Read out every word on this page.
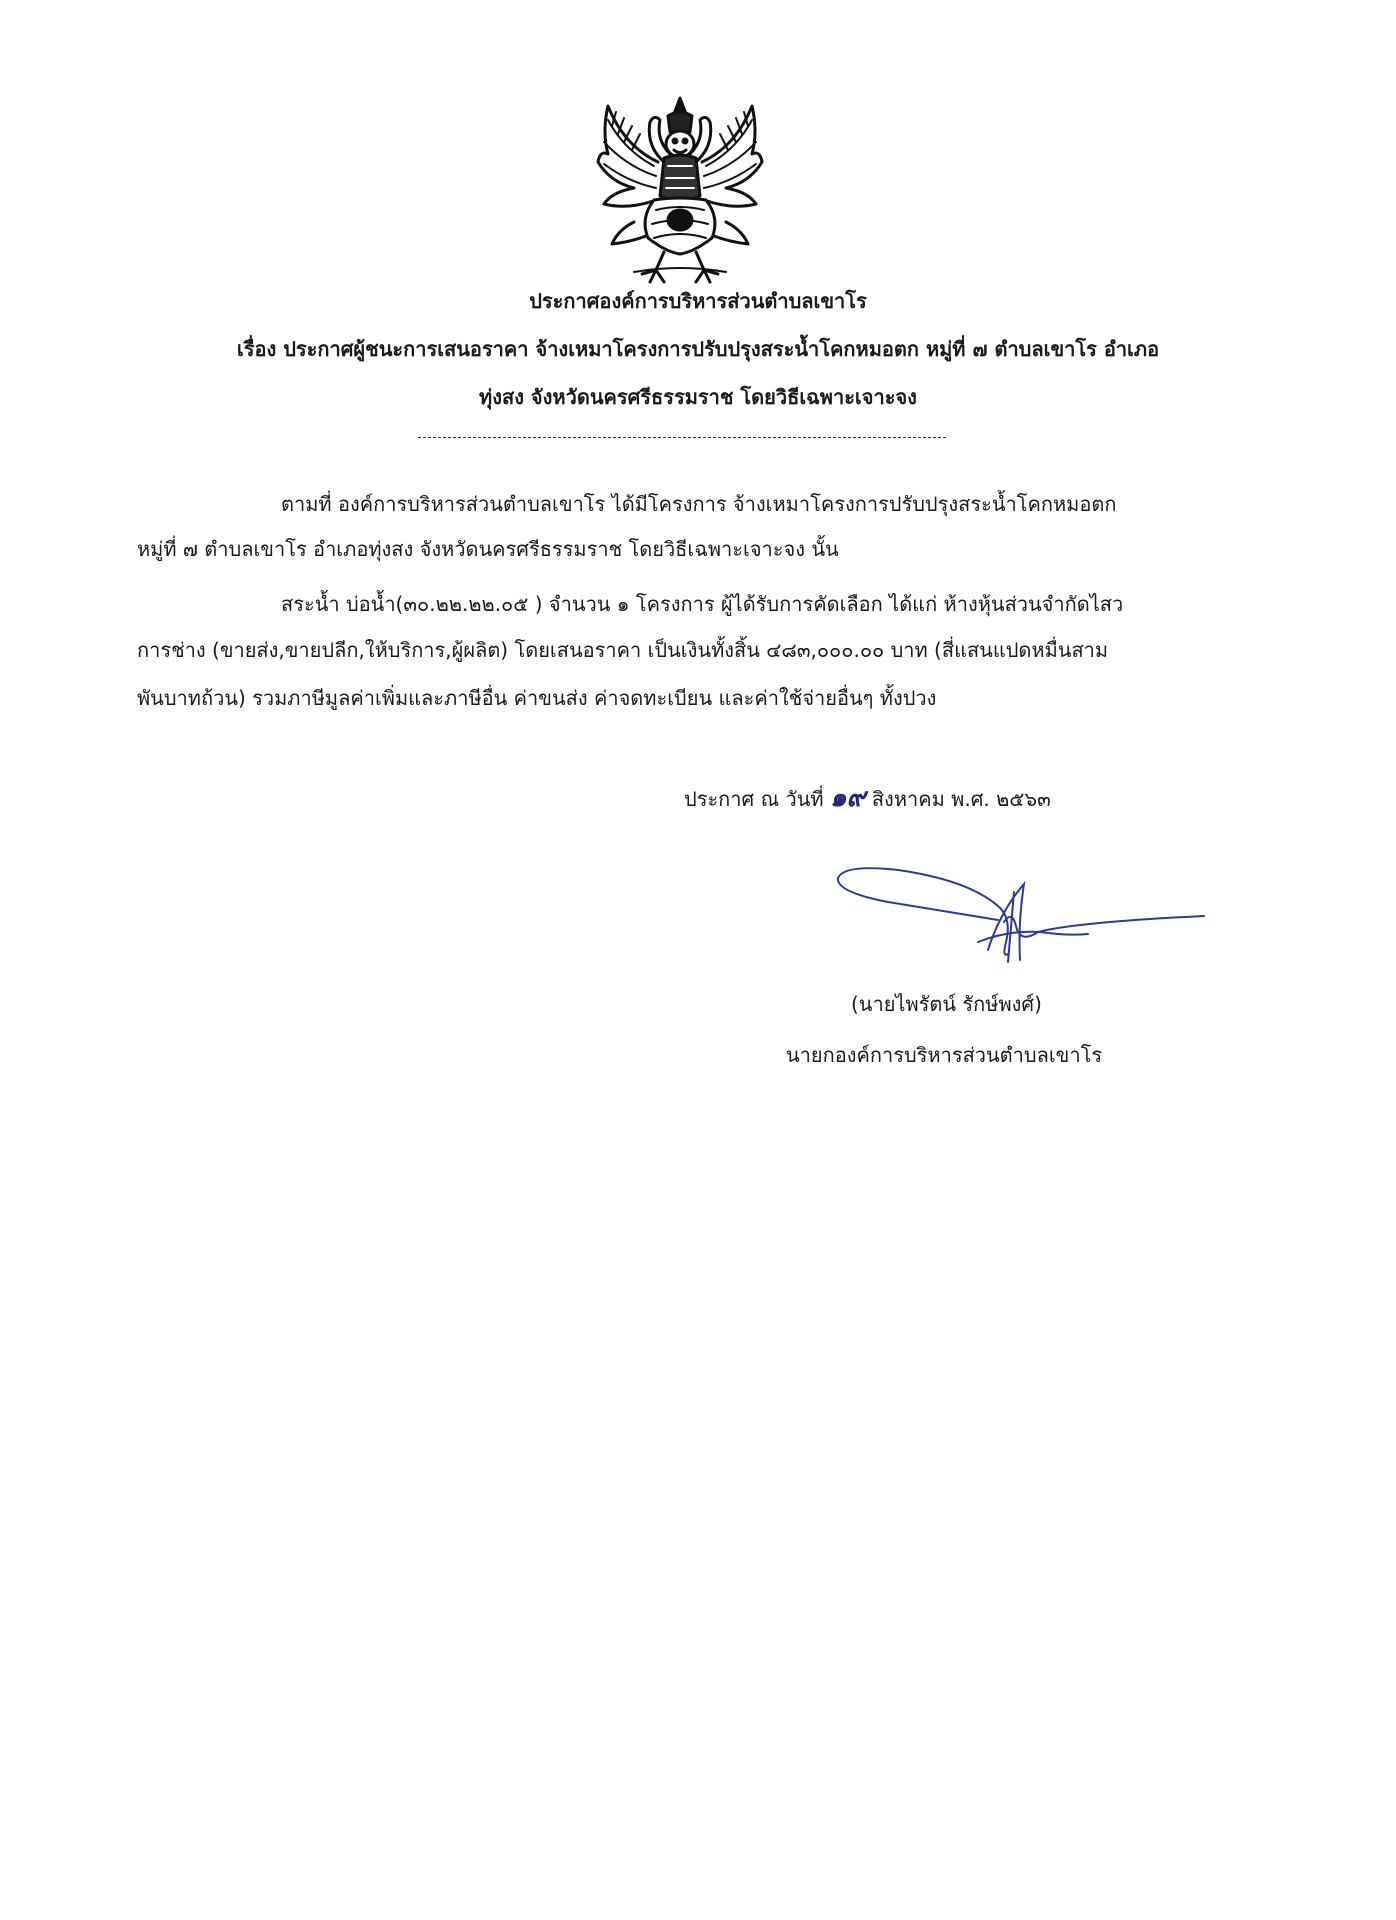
ประกาศองค์การบริหารส่วนตำบลเขาโร
เรื่อง ประกาศผู้ชนะการเสนอราคา จ้างเหมาโครงการปรับปรุงสระน้ำโคกหมอตก หมู่ที่ ๗ ตำบลเขาโร อำเภอ
ทุ่งสง จังหวัดนครศรีธรรมราช โดยวิธีเฉพาะเจาะจง
ตามที่ องค์การบริหารส่วนตำบลเขาโร ได้มีโครงการ จ้างเหมาโครงการปรับปรุงสระน้ำโคกหมอตก
หมู่ที่ ๗ ตำบลเขาโร อำเภอทุ่งสง จังหวัดนครศรีธรรมราช โดยวิธีเฉพาะเจาะจง นั้น
สระน้ำ บ่อน้ำ(๓๐.๒๒.๒๒.๐๕ ) จำนวน ๑ โครงการ ผู้ได้รับการคัดเลือก ได้แก่ ห้างหุ้นส่วนจำกัดไสว
การช่าง (ขายส่ง,ขายปลีก,ให้บริการ,ผู้ผลิต) โดยเสนอราคา เป็นเงินทั้งสิ้น ๔๘๓,๐๐๐.๐๐ บาท (สี่แสนแปดหมื่นสาม
พันบาทถ้วน) รวมภาษีมูลค่าเพิ่มและภาษีอื่น ค่าขนส่ง ค่าจดทะเบียน และค่าใช้จ่ายอื่นๆ ทั้งปวง
ประกาศ ณ วันที่ ๑๙ สิงหาคม พ.ศ. ๒๕๖๓
(นายไพรัตน์ รักษ์พงศ์)
นายกองค์การบริหารส่วนตำบลเขาโร
